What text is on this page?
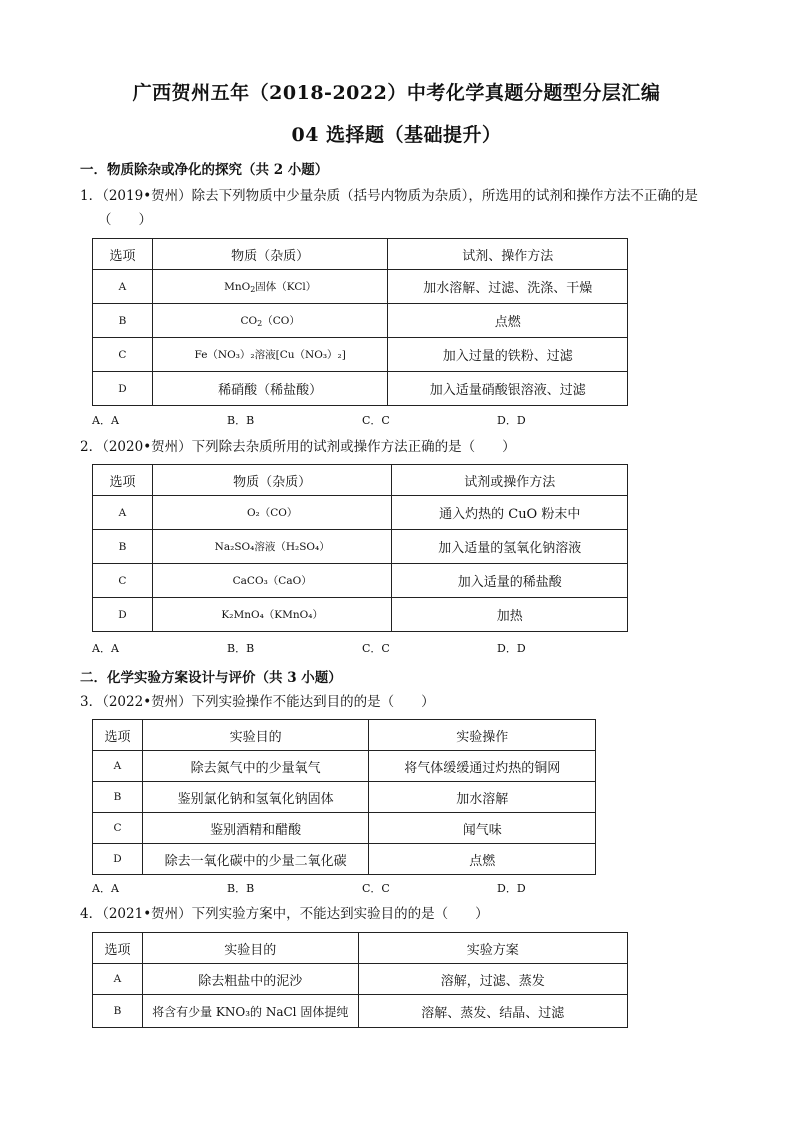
广西贺州五年（2018-2022）中考化学真题分题型分层汇编
04 选择题（基础提升）
一．物质除杂或净化的探究（共 2 小题）
1．（2019•贺州）除去下列物质中少量杂质（括号内物质为杂质），所选用的试剂和操作方法不正确的是
（　　）
选项	物质（杂质）	试剂、操作方法
A	MnO$_2$固体（KCl）	加水溶解、过滤、洗涤、干燥
B	$CO_2(CO)$	点燃
C	Fe（NO₃）₂溶液[Cu（NO₃）₂]	加入过量的铁粉、过滤
D	稀硝酸（稀盐酸）	加入适量硝酸银溶液、过滤
A．A	B．B	C．C	D．D
2．（2020•贺州）下列除去杂质所用的试剂或操作方法正确的是（　　）
选项	物质（杂质）	试剂或操作方法
A	O₂（CO）	通入灼热的 CuO 粉末中
B	Na₂SO₄溶液（H₂SO₄）	加入适量的氢氧化钠溶液
C	CaCO₃（CaO）	加入适量的稀盐酸
D	K₂MnO₄（KMnO₄）	加热
A．A	B．B	C．C	D．D
二．化学实验方案设计与评价（共 3 小题）
3．（2022•贺州）下列实验操作不能达到目的的是（　　）
选项	实验目的	实验操作
A	除去氮气中的少量氧气	将气体缓缓通过灼热的铜网
B	鉴别氯化钠和氢氧化钠固体	加水溶解
C	鉴别酒精和醋酸	闻气味
D	除去一氧化碳中的少量二氧化碳	点燃
A．A	B．B	C．C	D．D
4．（2021•贺州）下列实验方案中，不能达到实验目的的是（　　）
选项	实验目的	实验方案
A	除去粗盐中的泥沙	溶解，过滤、蒸发
B	将含有少量 KNO₃的 NaCl 固体提纯	溶解、蒸发、结晶、过滤
